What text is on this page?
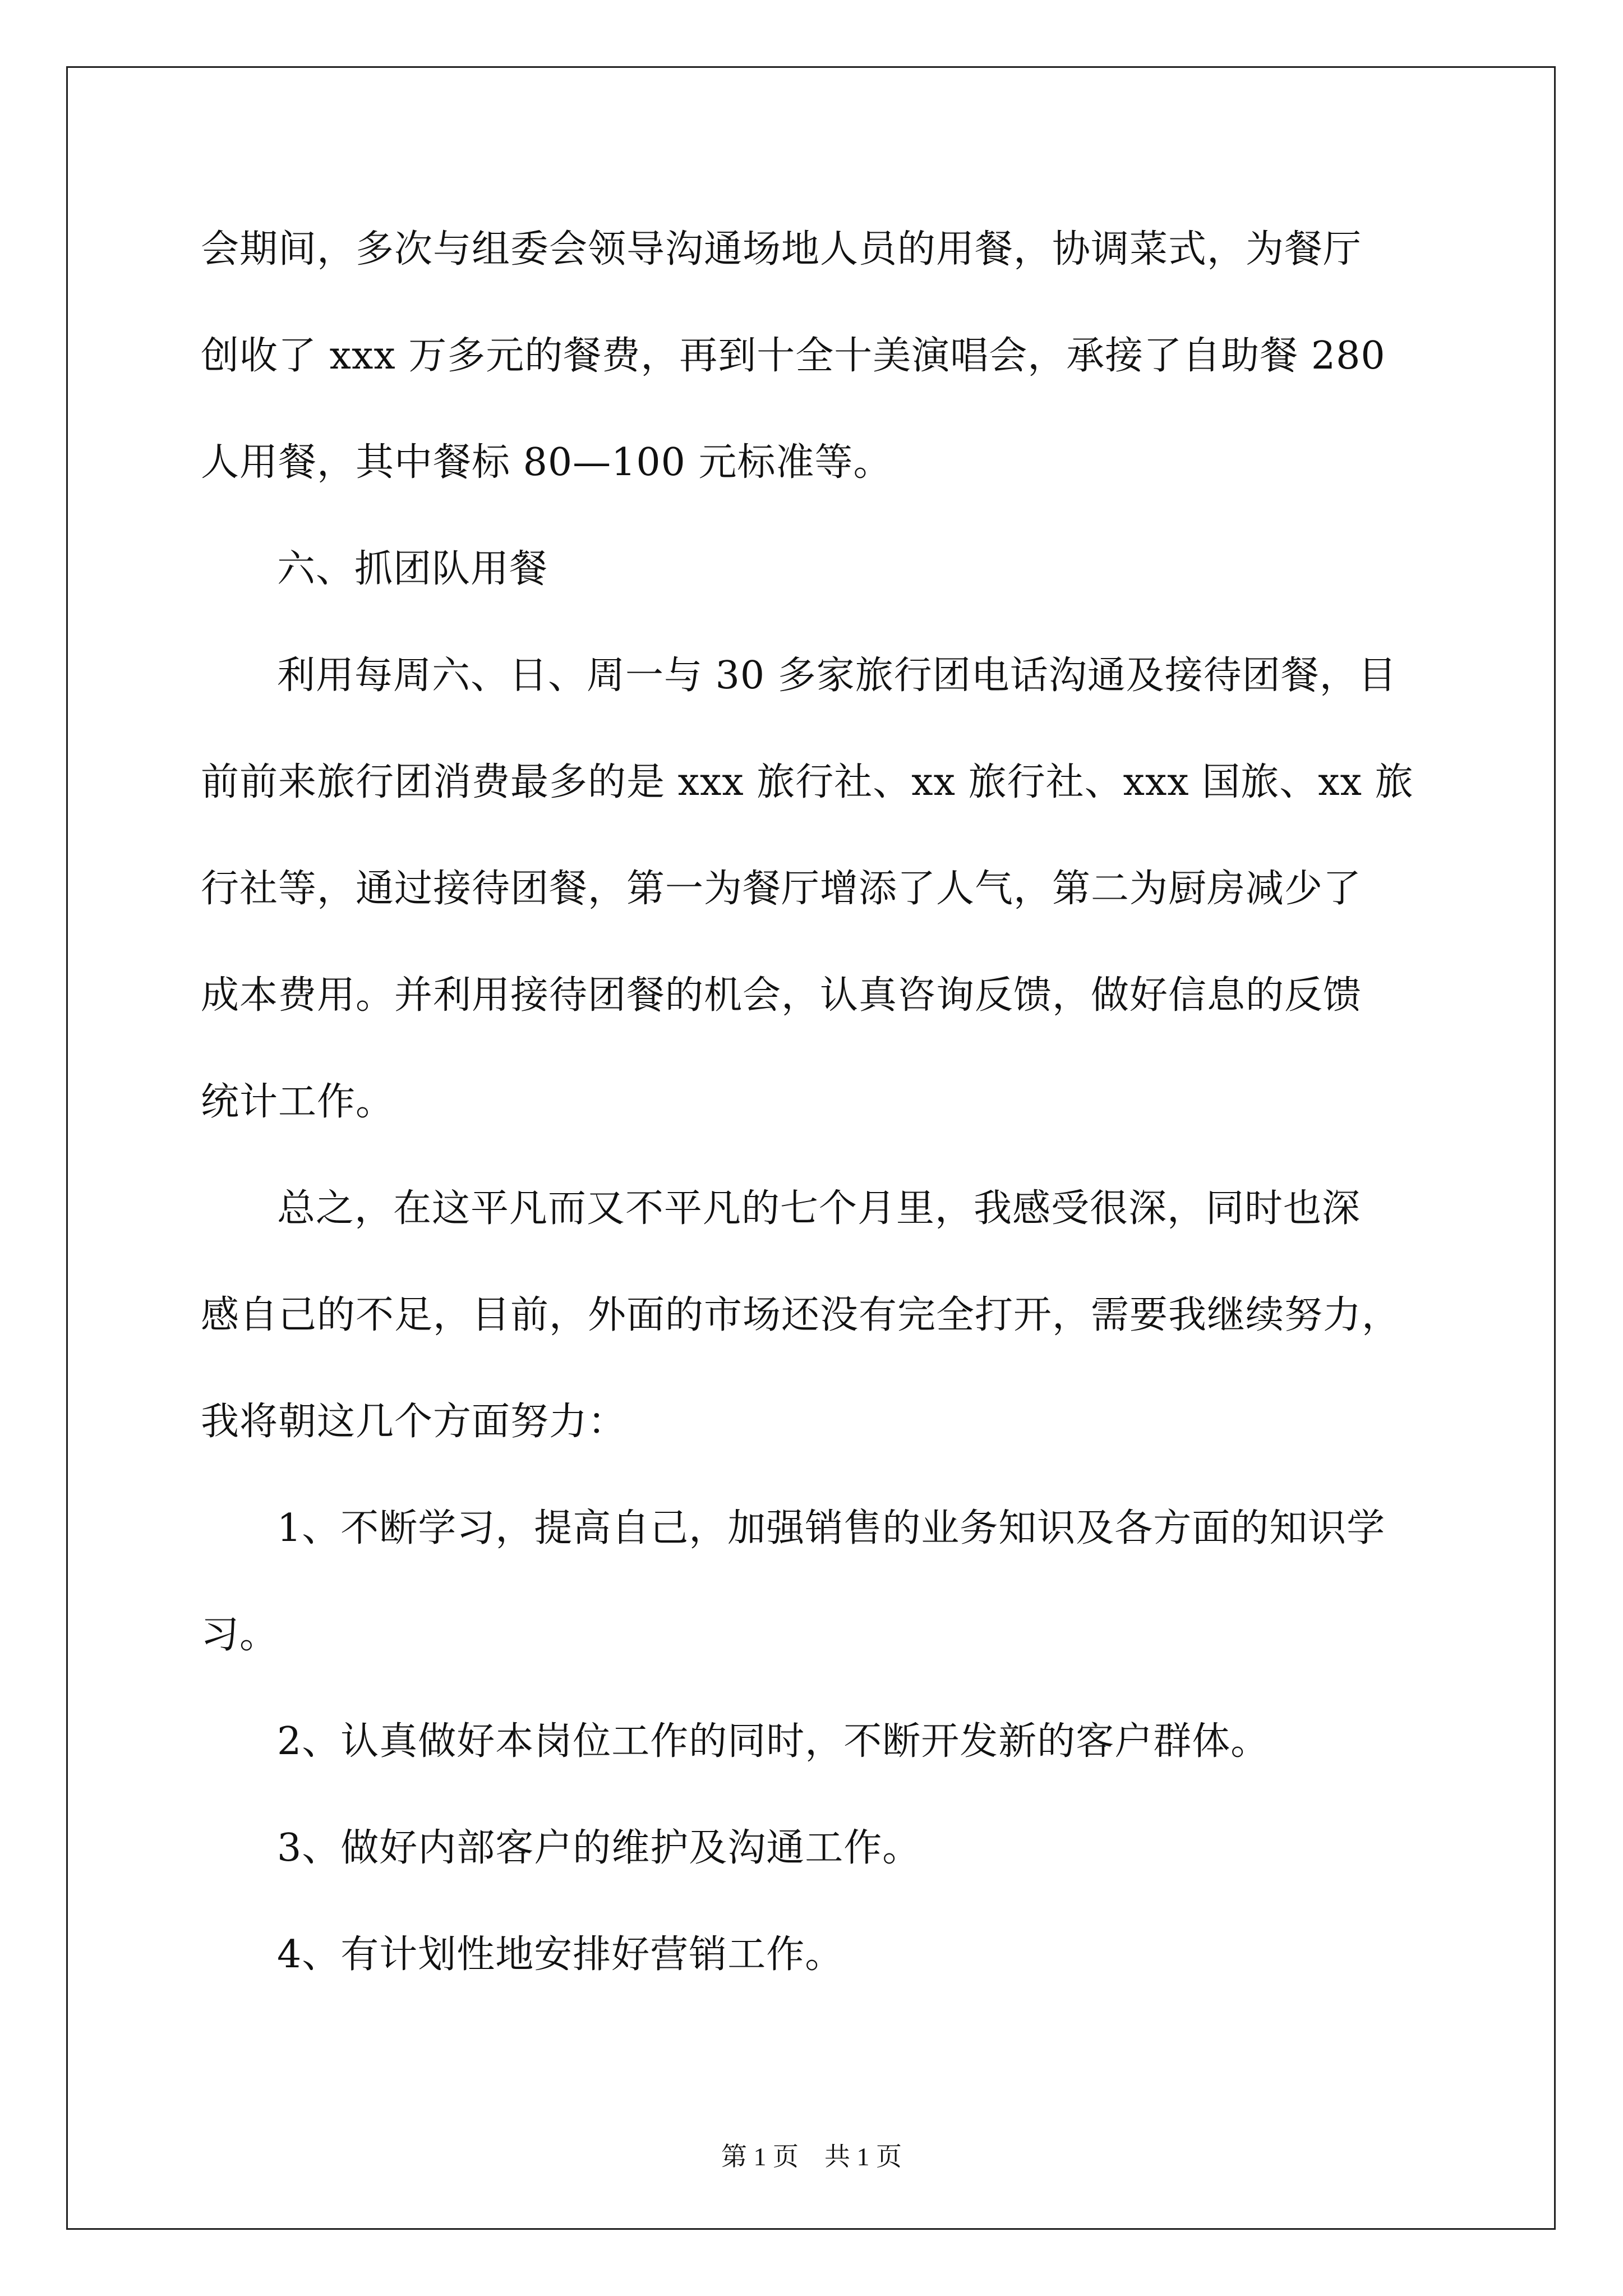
会期间，多次与组委会领导沟通场地人员的用餐，协调菜式，为餐厅
创收了 xxx 万多元的餐费，再到十全十美演唱会，承接了自助餐 280
人用餐，其中餐标 80—100 元标准等。
六、抓团队用餐
利用每周六、日、周一与 30 多家旅行团电话沟通及接待团餐，目
前前来旅行团消费最多的是 xxx 旅行社、xx 旅行社、xxx 国旅、xx 旅
行社等，通过接待团餐，第一为餐厅增添了人气，第二为厨房减少了
成本费用。并利用接待团餐的机会，认真咨询反馈，做好信息的反馈
统计工作。
总之，在这平凡而又不平凡的七个月里，我感受很深，同时也深
感自己的不足，目前，外面的市场还没有完全打开，需要我继续努力，
我将朝这几个方面努力：
1、不断学习，提高自己，加强销售的业务知识及各方面的知识学
习。
2、认真做好本岗位工作的同时，不断开发新的客户群体。
3、做好内部客户的维护及沟通工作。
4、有计划性地安排好营销工作。
第 1 页 共 1 页
